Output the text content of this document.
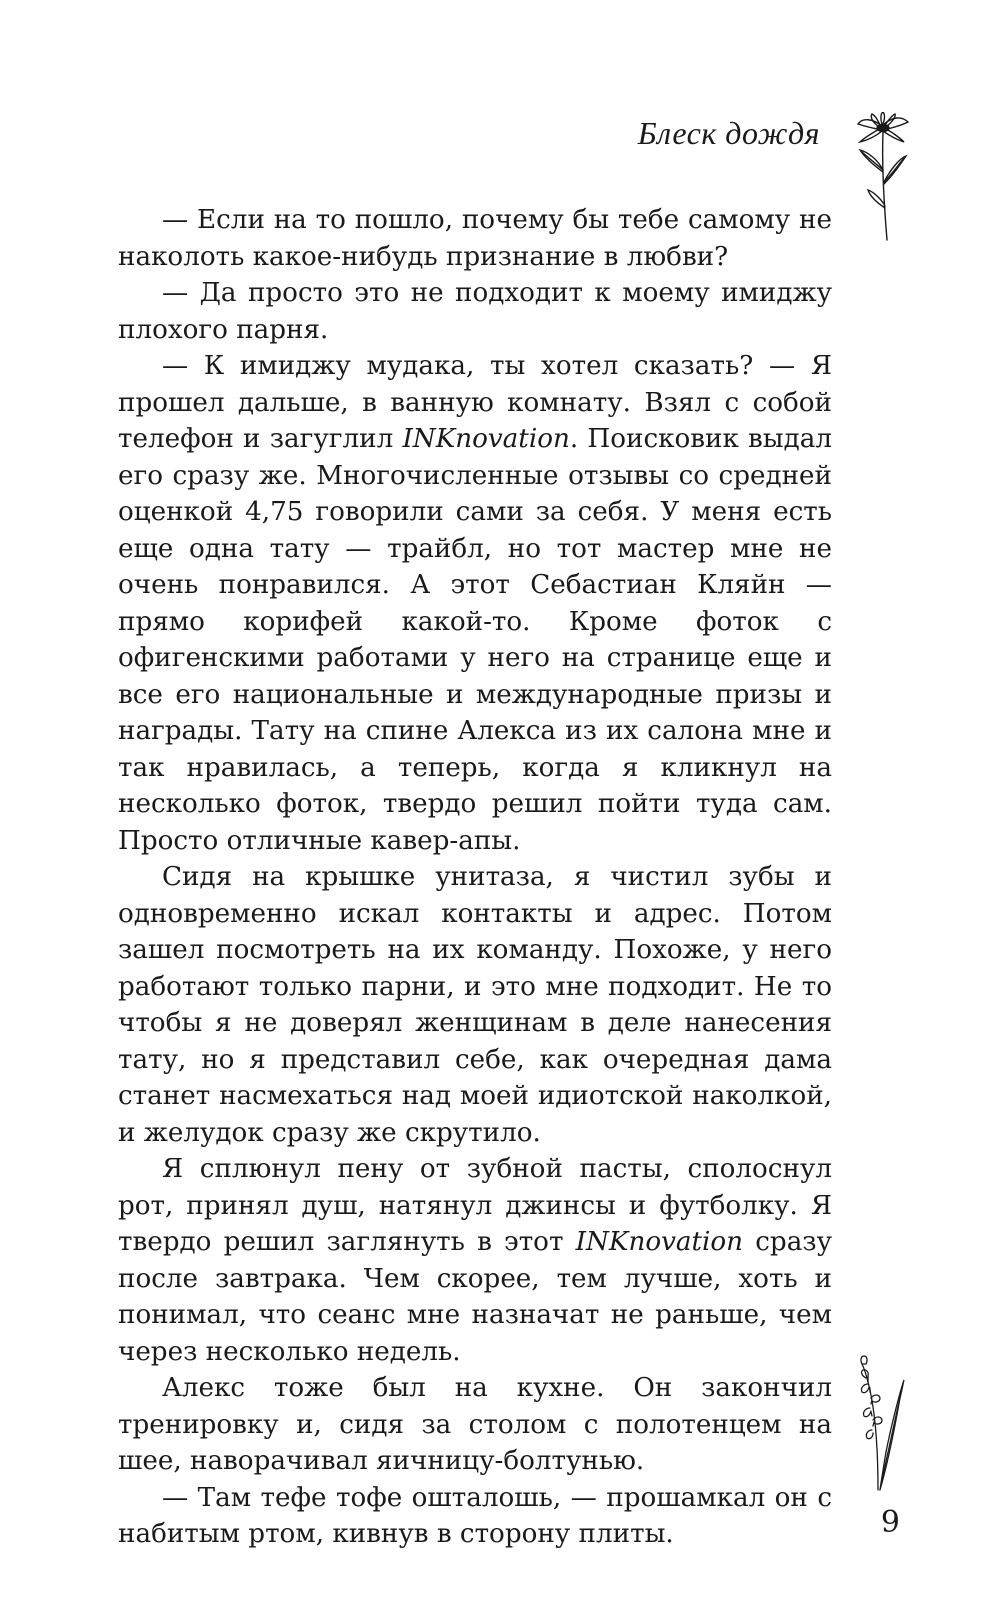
Блеск дождя

— Если на то пошло, почему бы тебе самому не наколоть какое-нибудь признание в любви?

— Да просто это не подходит к моему имиджу плохого парня.

— К имиджу мудака, ты хотел сказать? — Я прошел дальше, в ванную комнату. Взял с собой телефон и загуглил INKnovation. Поисковик выдал его сразу же. Многочисленные отзывы со средней оценкой 4,75 говорили сами за себя. У меня есть еще одна тату — трайбл, но тот мастер мне не очень понравился. А этот Себастиан Кляйн — прямо корифей какой-то. Кроме фоток с офигенскими работами у него на странице еще и все его национальные и международные призы и награды. Тату на спине Алекса из их салона мне и так нравилась, а теперь, когда я кликнул на несколько фоток, твердо решил пойти туда сам. Просто отличные кавер-апы.

Сидя на крышке унитаза, я чистил зубы и одновременно искал контакты и адрес. Потом зашел посмотреть на их команду. Похоже, у него работают только парни, и это мне подходит. Не то чтобы я не доверял женщинам в деле нанесения тату, но я представил себе, как очередная дама станет насмехаться над моей идиотской наколкой, и желудок сразу же скрутило.

Я сплюнул пену от зубной пасты, сполоснул рот, принял душ, натянул джинсы и футболку. Я твердо решил заглянуть в этот INKnovation сразу после завтрака. Чем скорее, тем лучше, хоть и понимал, что сеанс мне назначат не раньше, чем через несколько недель.

Алекс тоже был на кухне. Он закончил тренировку и, сидя за столом с полотенцем на шее, наворачивал яичницу-болтунью.

— Там тефе тофе ошталошь, — прошамкал он с набитым ртом, кивнув в сторону плиты.	9
